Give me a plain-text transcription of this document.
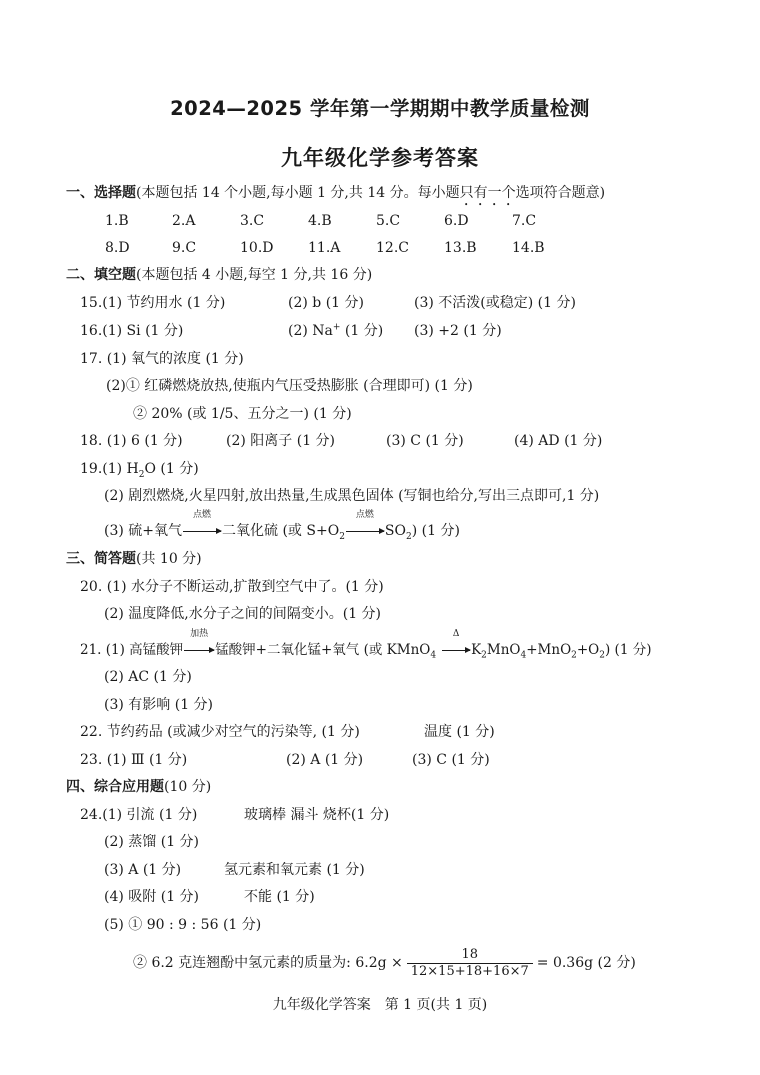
2024—2025 学年第一学期期中教学质量检测
九年级化学参考答案
一、选择题(本题包括 14 个小题,每小题 1 分,共 14 分。每小题只有一个选项符合题意)
1.B	2.A	3.C	4.B	5.C	6.D	7.C
8.D	9.C	10.D 11.A	12.C	13.B	14.B
二、填空题(本题包括 4 小题,每空 1 分,共 16 分)
15.(1) 节约用水 (1 分)	(2) b (1 分)	(3) 不活泼(或稳定) (1 分)
16.(1) Si (1 分)	(2) Na+ (1 分) (3) +2 (1 分)
17. (1) 氧气的浓度 (1 分)
(2)① 红磷燃烧放热,使瓶内气压受热膨胀 (合理即可) (1 分)
② 20% (或 1/5、五分之一) (1 分)
18. (1) 6 (1 分)	(2) 阳离子 (1 分)	(3) C (1 分)	(4) AD (1 分)
19.(1) $H_2O$ (1 分)
(2) 剧烈燃烧,火星四射,放出热量,生成黑色固体 (写铜也给分,写出三点即可,1 分)
(3) 硫+氧气
点燃
二氧化硫 (或 $S+O_2$
点燃
$SO_2$) (1 分)
三、简答题(共 10 分)
20. (1) 水分子不断运动,扩散到空气中了。(1 分)
(2) 温度降低,水分子之间的间隔变小。(1 分)
21. (1) 高锰酸钾
加热
锰酸钾+二氧化锰+氧气 (或 KMnO$_4$
Δ
$K_2MnO_4+MnO_2+O_2$) (1 分)
(2) AC (1 分)
(3) 有影响 (1 分)
22. 节约药品 (或减少对空气的污染等, (1 分)	温度 (1 分)
23. (1) Ⅲ (1 分)	(2) A (1 分)	(3) C (1 分)
四、综合应用题(10 分)
24.(1) 引流 (1 分)	玻璃棒 漏斗 烧杯(1 分)
(2) 蒸馏 (1 分)
(3) A (1 分)	氢元素和氧元素 (1 分)
(4) 吸附 (1 分)	不能 (1 分)
(5) ① 90 : 9 : 56 (1 分)
② 6.2 克连翘酚中氢元素的质量为: $6.2g \times \frac{18}{12\times 15+18+16\times 7} = 0.36g$ (2 分)
九年级化学答案　第 1 页(共 1 页)
